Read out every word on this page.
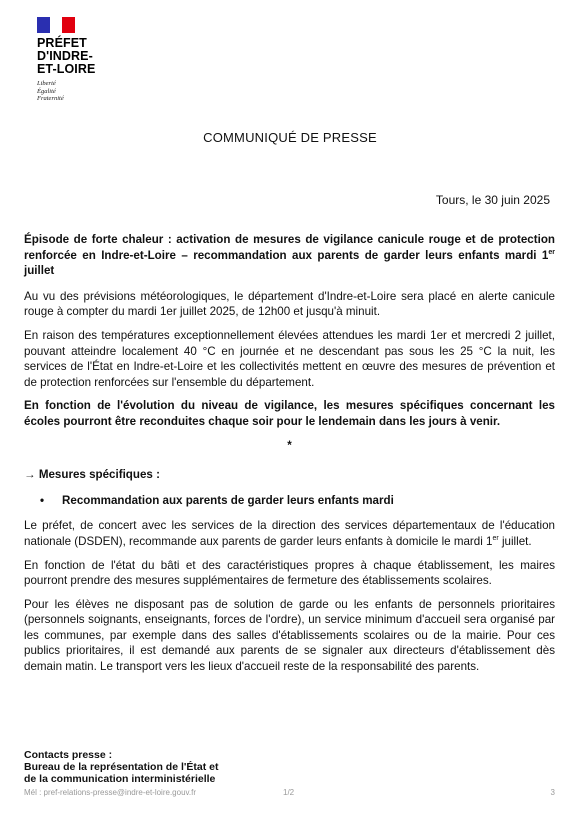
PRÉFET
D'INDRE-
ET-LOIRE
Liberté
Égalité
Fraternité
COMMUNIQUÉ DE PRESSE
Tours, le 30 juin 2025

Épisode de forte chaleur : activation de mesures de vigilance canicule rouge et de protection renforcée en Indre-et-Loire – recommandation aux parents de garder leurs enfants mardi 1er juillet

Au vu des prévisions météorologiques, le département d'Indre-et-Loire sera placé en alerte canicule rouge à compter du mardi 1er juillet 2025, de 12h00 et jusqu'à minuit.

En raison des températures exceptionnellement élevées attendues les mardi 1er et mercredi 2 juillet, pouvant atteindre localement 40 °C en journée et ne descendant pas sous les 25 °C la nuit, les services de l'État en Indre-et-Loire et les collectivités mettent en œuvre des mesures de prévention et de protection renforcées sur l'ensemble du département.

En fonction de l'évolution du niveau de vigilance, les mesures spécifiques concernant les écoles pourront être reconduites chaque soir pour le lendemain dans les jours à venir.

*

→ Mesures spécifiques :

• Recommandation aux parents de garder leurs enfants mardi

Le préfet, de concert avec les services de la direction des services départementaux de l'éducation nationale (DSDEN), recommande aux parents de garder leurs enfants à domicile le mardi 1er juillet.

En fonction de l'état du bâti et des caractéristiques propres à chaque établissement, les maires pourront prendre des mesures supplémentaires de fermeture des établissements scolaires.

Pour les élèves ne disposant pas de solution de garde ou les enfants de personnels prioritaires (personnels soignants, enseignants, forces de l'ordre), un service minimum d'accueil sera organisé par les communes, par exemple dans des salles d'établissements scolaires ou de la mairie. Pour ces publics prioritaires, il est demandé aux parents de se signaler aux directeurs d'établissement dès demain matin. Le transport vers les lieux d'accueil reste de la responsabilité des parents.

Contacts presse :
Bureau de la représentation de l'État et
de la communication interministérielle
Mél : pref-relations-presse@indre-et-loire.gouv.fr	1/2	3
